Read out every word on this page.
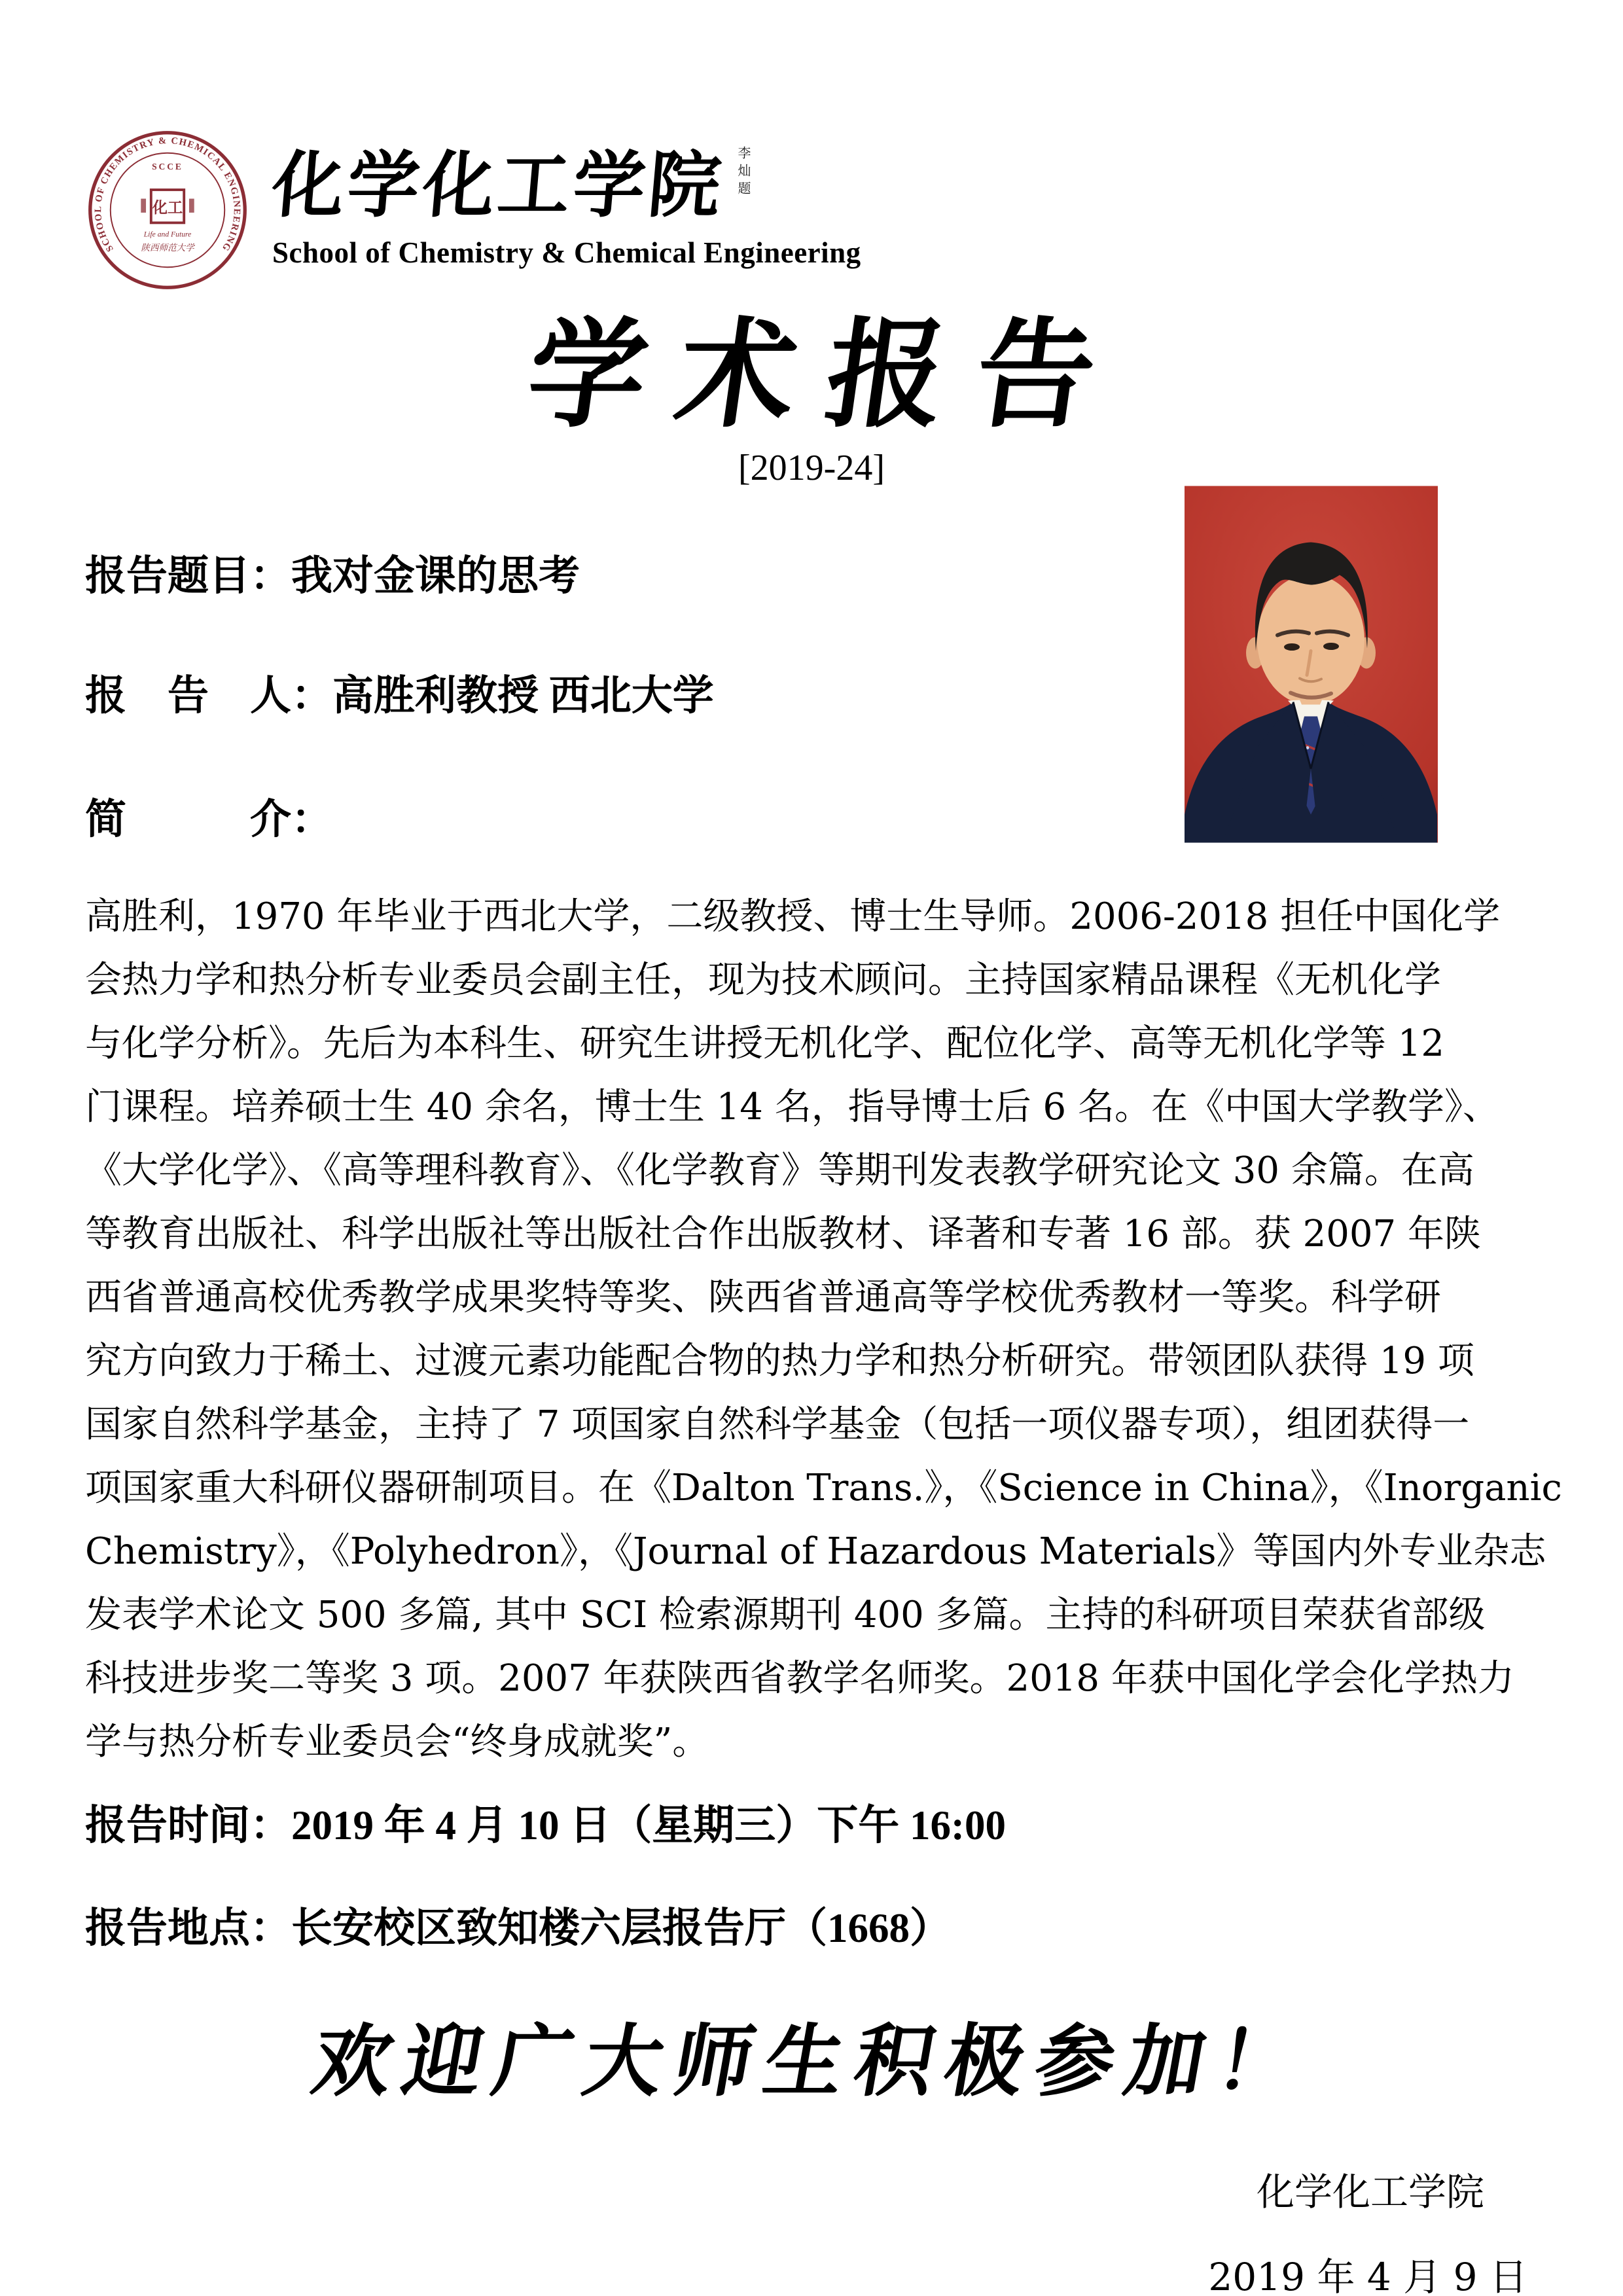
SCHOOL OF CHEMISTRY & CHEMICAL ENGINEERING
SCCE
化工
Life and Future
陕西师范大学
化学化工学院 李灿题
School of Chemistry & Chemical Engineering
学术报告
[2019-24]
报告题目：我对金课的思考
报　告　人：高胜利教授 西北大学
简　　　介：
高胜利，1970 年毕业于西北大学，二级教授、博士生导师。2006-2018 担任中国化学
会热力学和热分析专业委员会副主任，现为技术顾问。主持国家精品课程《无机化学
与化学分析》。先后为本科生、研究生讲授无机化学、配位化学、高等无机化学等 12
门课程。培养硕士生 40 余名，博士生 14 名，指导博士后 6 名。在《中国大学教学》、
《大学化学》、《高等理科教育》、《化学教育》等期刊发表教学研究论文 30 余篇。在高
等教育出版社、科学出版社等出版社合作出版教材、译著和专著 16 部。获 2007 年陕
西省普通高校优秀教学成果奖特等奖、陕西省普通高等学校优秀教材一等奖。科学研
究方向致力于稀土、过渡元素功能配合物的热力学和热分析研究。带领团队获得 19 项
国家自然科学基金，主持了 7 项国家自然科学基金（包括一项仪器专项），组团获得一
项国家重大科研仪器研制项目。在《Dalton Trans.》，《Science in China》，《Inorganic
Chemistry》，《Polyhedron》，《Journal of Hazardous Materials》等国内外专业杂志
发表学术论文 500 多篇, 其中 SCI 检索源期刊 400 多篇。主持的科研项目荣获省部级
科技进步奖二等奖 3 项。2007 年获陕西省教学名师奖。2018 年获中国化学会化学热力
学与热分析专业委员会“终身成就奖”。
报告时间：2019 年 4 月 10 日（星期三）下午 16:00
报告地点：长安校区致知楼六层报告厅（1668）
欢迎广大师生积极参加！
化学化工学院
2019 年 4 月 9 日
